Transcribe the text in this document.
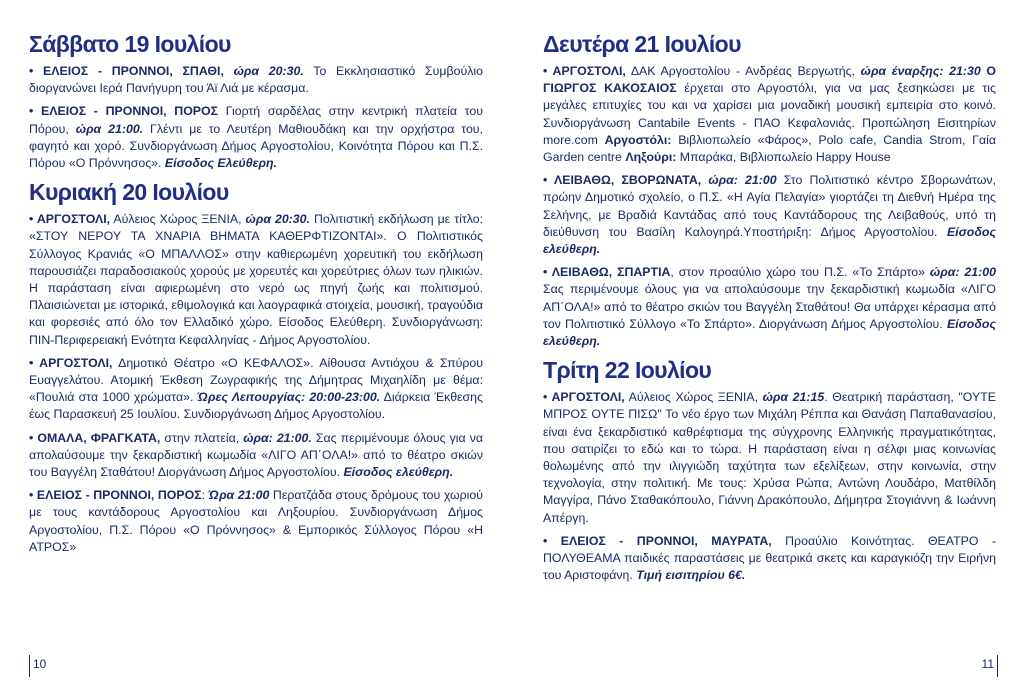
Σάββατο 19 Ιουλίου
• ΕΛΕΙΟΣ - ΠΡΟΝΝΟΙ, ΣΠΑΘΙ, ώρα 20:30. Το Εκκλησιαστικό Συμβούλιο διοργανώνει Ιερά Πανήγυρη του Άϊ Λιά με κέρασμα.
• ΕΛΕΙΟΣ - ΠΡΟΝΝΟΙ, ΠΟΡΟΣ Γιορτή σαρδέλας στην κεντρική πλατεία του Πόρου, ώρα 21:00. Γλέντι με το Λευτέρη Μαθιουδάκη και την ορχήστρα του, φαγητό και χορό. Συνδιοργάνωση Δήμος Αργοστολίου, Κοινότητα Πόρου και Π.Σ. Πόρου «Ο Πρόννησος». Είσοδος Ελεύθερη.
Κυριακή 20 Ιουλίου
• ΑΡΓΟΣΤΟΛΙ, Αύλειος Χώρος ΞΕΝΙΑ, ώρα 20:30. Πολιτιστική εκδήλωση με τίτλο: «ΣΤΟΥ ΝΕΡΟΥ ΤΑ ΧΝΑΡΙΑ ΒΗΜΑΤΑ ΚΑΘΕΡΦΤΙΖΟΝΤΑΙ». Ο Πολιτιστικός Σύλλογος Κρανιάς «Ο ΜΠΑΛΛΟΣ» στην καθιερωμένη χορευτική του εκδήλωση παρουσιάζει παραδοσιακούς χορούς με χορευτές και χορεύτριες όλων των ηλικιών. Η παράσταση είναι αφιερωμένη στο νερό ως πηγή ζωής και πολιτισμού. Πλαισιώνεται με ιστορικά, εθιμολογικά και λαογραφικά στοιχεία, μουσική, τραγούδια και φορεσιές από όλο τον Ελλαδικό χώρο. Είσοδος Ελεύθερη. Συνδιοργάνωση: ΠΙΝ-Περιφερειακή Ενότητα Κεφαλληνίας - Δήμος Αργοστολίου.
• ΑΡΓΟΣΤΟΛΙ, Δημοτικό Θέατρο «Ο ΚΕΦΑΛΟΣ». Αίθουσα Αντιόχου & Σπύρου Ευαγγελάτου. Ατομική Έκθεση Ζωγραφικής της Δήμητρας Μιχαηλίδη με θέμα: «Πουλιά στα 1000 χρώματα». Ώρες Λειτουργίας: 20:00-23:00. Διάρκεια Έκθεσης έως Παρασκευή 25 Ιουλίου. Συνδιοργάνωση Δήμος Αργοστολίου.
• ΟΜΑΛΑ, ΦΡΑΓΚΑΤΑ, στην πλατεία, ώρα: 21:00. Σας περιμένουμε όλους για να απολαύσουμε την ξεκαρδιστική κωμωδία «ΛΙΓΟ ΑΠ΄ΟΛΑ!» από το θέατρο σκιών του Βαγγέλη Σταθάτου! Διοργάνωση Δήμος Αργοστολίου. Είσοδος ελεύθερη.
• ΕΛΕΙΟΣ - ΠΡΟΝΝΟΙ, ΠΟΡΟΣ: Ώρα 21:00 Περατζάδα στους δρόμους του χωριού με τους καντάδορους Αργοστολίου και Ληξουρίου. Συνδιοργάνωση Δήμος Αργοστολίου, Π.Σ. Πόρου «Ο Πρόννησος» & Εμπορικός Σύλλογος Πόρου «Η ΑΤΡΟΣ»
10
Δευτέρα 21 Ιουλίου
• ΑΡΓΟΣΤΟΛΙ, ΔΑΚ Αργοστολίου - Ανδρέας Βεργωτής, ώρα έναρξης: 21:30 Ο ΓΙΩΡΓΟΣ ΚΑΚΟΣΑΙΟΣ έρχεται στο Αργοστόλι, για να μας ξεσηκώσει με τις μεγάλες επιτυχίες του και να χαρίσει μια μοναδική μουσική εμπειρία στο κοινό. Συνδιοργάνωση Cantabile Events - ΠΑΟ Κεφαλονιάς. Προπώληση Εισιτηρίων more.com Αργοστόλι: Βιβλιοπωλείο «Φάρος», Polo cafe, Candia Strom, Γαία Garden centre Ληξούρι: Μπαράκα, Βιβλιοπωλείο Happy House
• ΛΕΙΒΑΘΩ, ΣΒΟΡΩΝΑΤΑ, ώρα: 21:00 Στο Πολιτιστικό κέντρο Σβορωνάτων, πρώην Δημοτικό σχολείο, ο Π.Σ. «Η Αγία Πελαγία» γιορτάζει τη Διεθνή Ημέρα της Σελήνης, με Βραδιά Καντάδας από τους Καντάδορους της Λειβαθούς, υπό τη διεύθυνση του Βασίλη Καλογηρά.Υποστήριξη: Δήμος Αργοστολίου. Είσοδος ελεύθερη.
• ΛΕΙΒΑΘΩ, ΣΠΑΡΤΙΑ, στον προαύλιο χώρο του Π.Σ. «Το Σπάρτο» ώρα: 21:00 Σας περιμένουμε όλους για να απολαύσουμε την ξεκαρδιστική κωμωδία «ΛΙΓΟ ΑΠ΄ΟΛΑ!» από το θέατρο σκιών του Βαγγέλη Σταθάτου! Θα υπάρχει κέρασμα από τον Πολιτιστικό Σύλλογο «Το Σπάρτο». Διοργάνωση Δήμος Αργοστολίου. Είσοδος ελεύθερη.
Τρίτη 22 Ιουλίου
• ΑΡΓΟΣΤΟΛΙ, Αύλειος Χώρος ΞΕΝΙΑ, ώρα 21:15. Θεατρική παράσταση, "ΟΥΤΕ ΜΠΡΟΣ ΟΥΤΕ ΠΙΣΩ" Το νέο έργο των Μιχάλη Ρέππα και Θανάση Παπαθανασίου, είναι ένα ξεκαρδιστικό καθρέφτισμα της σύγχρονης Ελληνικής πραγματικότητας, που σατιρίζει το εδώ και το τώρα. Η παράσταση είναι η σέλφι μιας κοινωνίας θολωμένης από την ιλιγγιώδη ταχύτητα των εξελίξεων, στην κοινωνία, στην τεχνολογία, στην πολιτική. Με τους: Χρύσα Ρώπα, Αντώνη Λουδάρο, Ματθίλδη Μαγγίρα, Πάνο Σταθακόπουλο, Γιάννη Δρακόπουλο, Δήμητρα Στογιάννη & Ιωάννη Απέργη.
• ΕΛΕΙΟΣ - ΠΡΟΝΝΟΙ, ΜΑΥΡΑΤΑ, Προαύλιο Κοινότητας. ΘΕΑΤΡΟ - ΠΟΛΥΘΕΑΜΑ παιδικές παραστάσεις με θεατρικά σκετς και καραγκιόζη την Ειρήνη του Αριστοφάνη. Τιμή εισιτηρίου 6€.
11
